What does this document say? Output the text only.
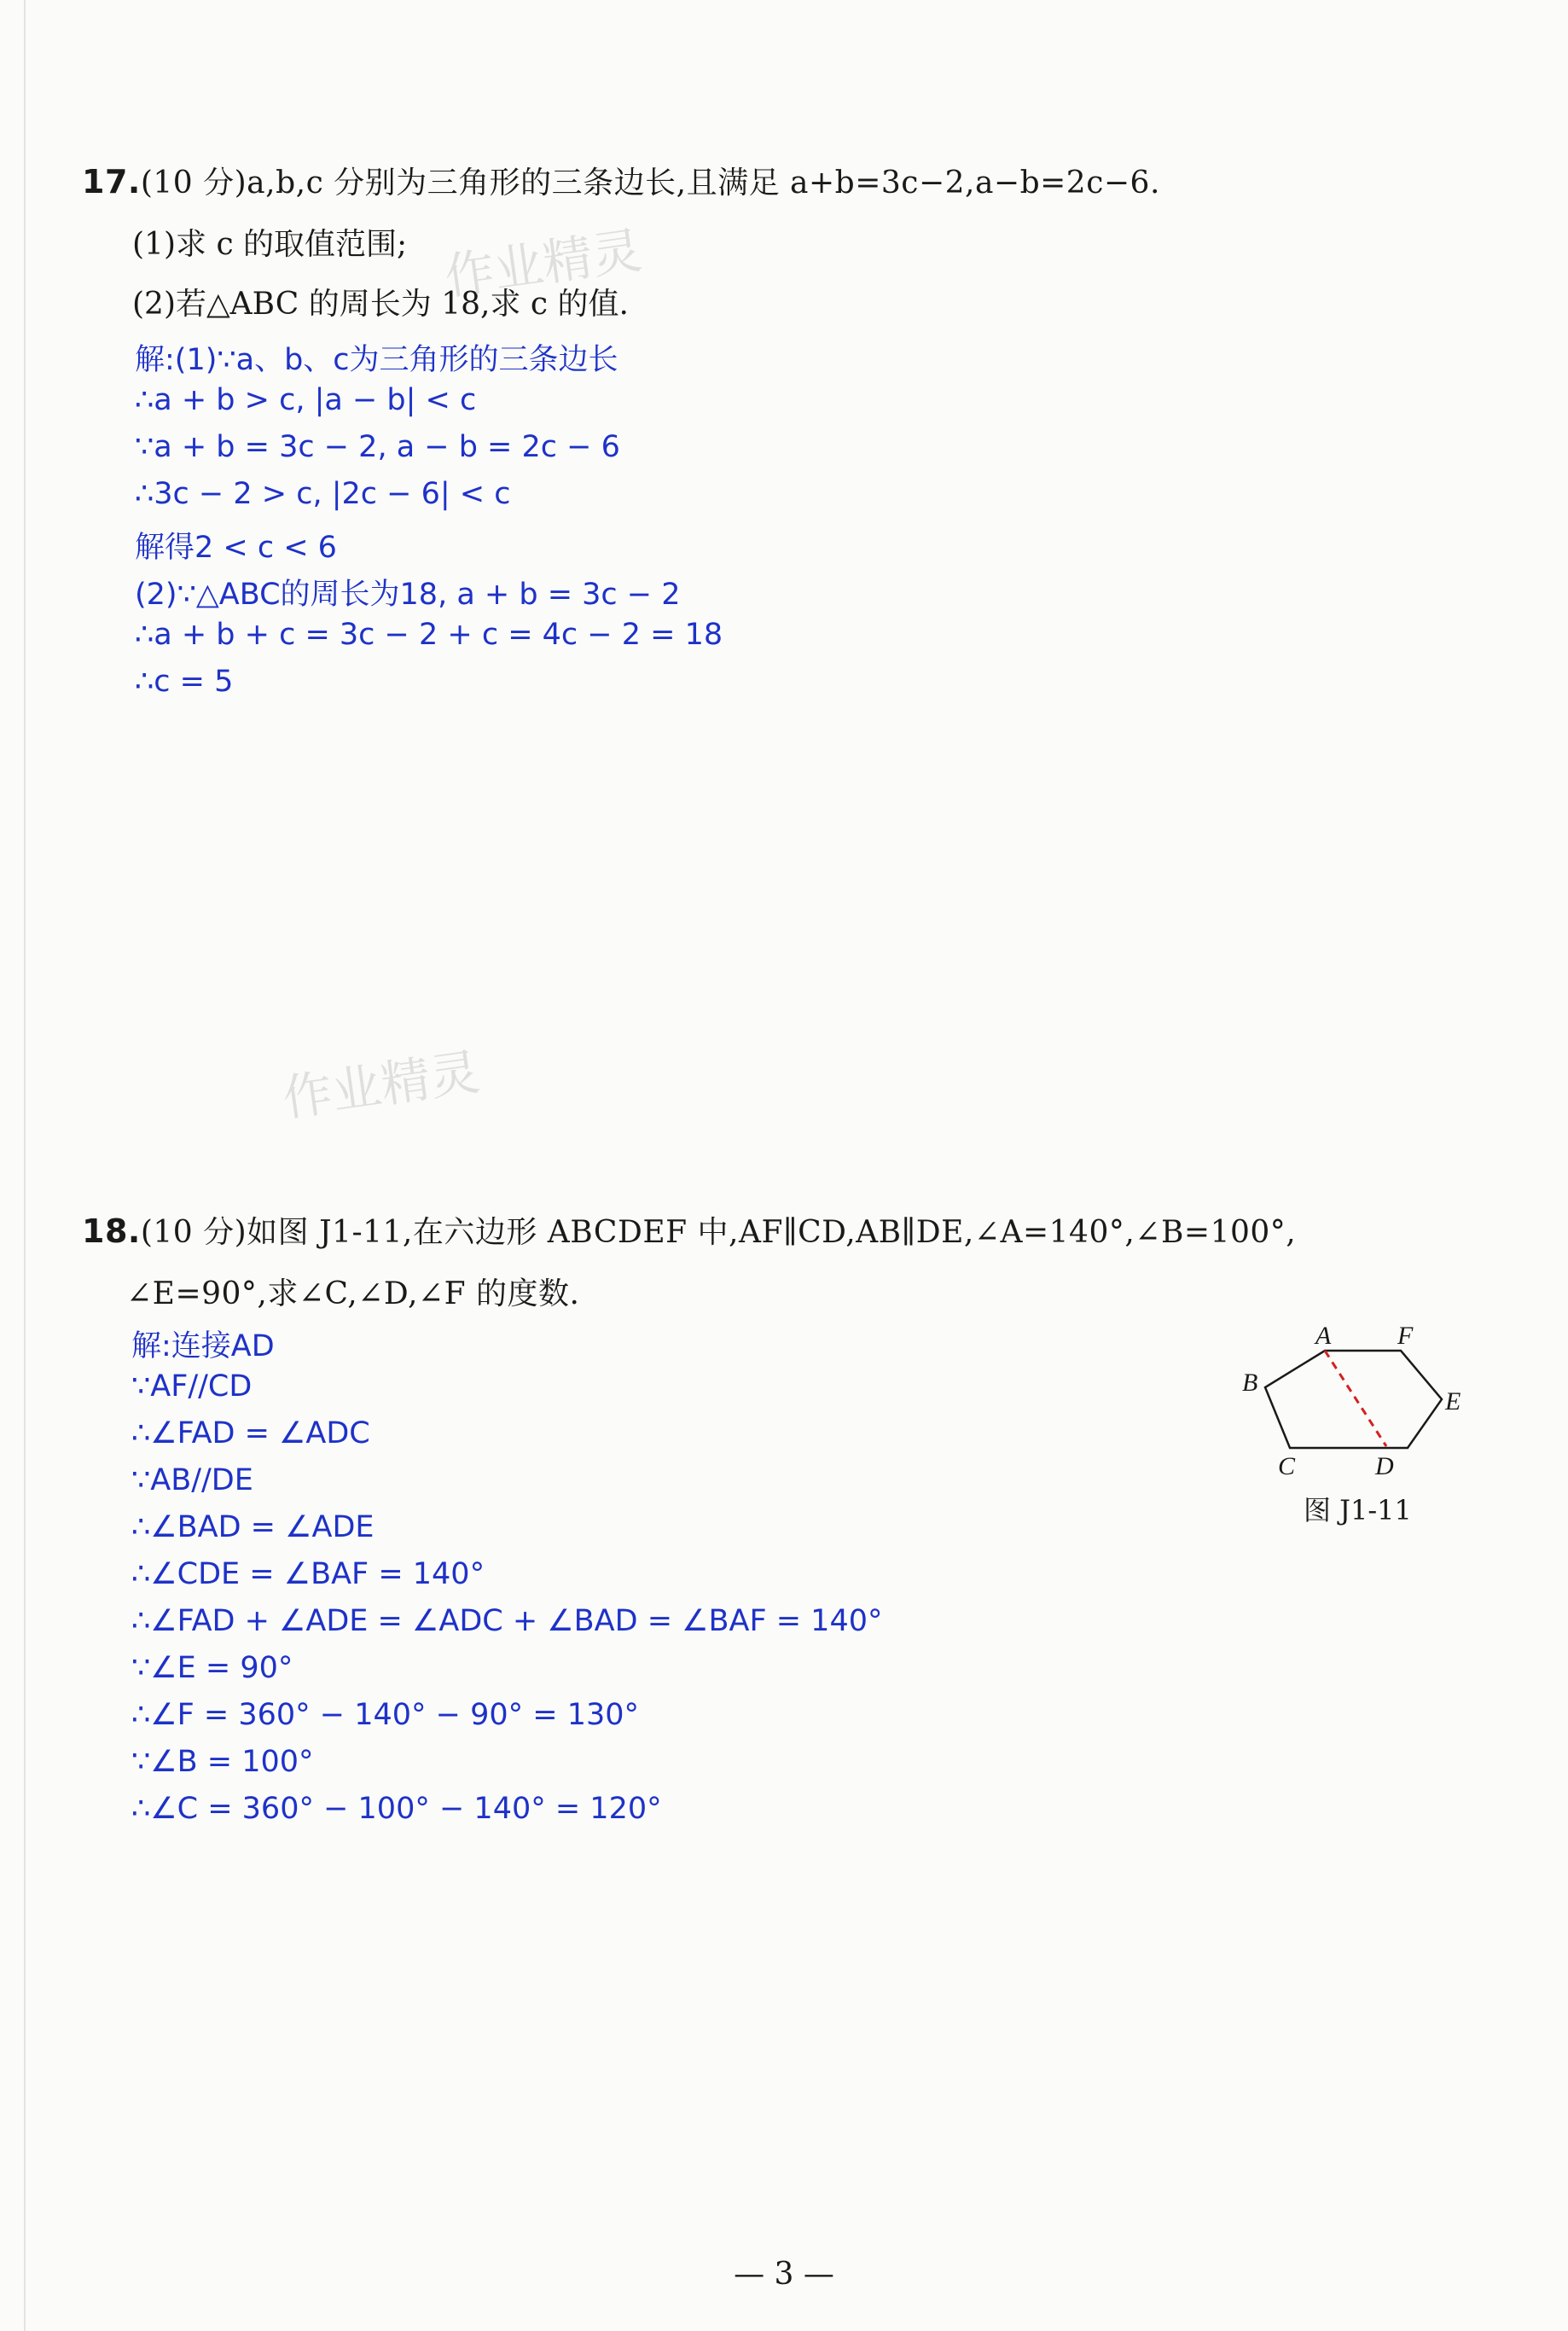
17.(10 分)a,b,c 分别为三角形的三条边长,且满足 a+b=3c−2,a−b=2c−6.
(1)求 c 的取值范围;
(2)若△ABC 的周长为 18,求 c 的值.
解:(1)∵a、b、c为三角形的三条边长
∴a + b > c, |a − b| < c
∵a + b = 3c − 2, a − b = 2c − 6
∴3c − 2 > c, |2c − 6| < c
解得2 < c < 6
(2)∵△ABC的周长为18, a + b = 3c − 2
∴a + b + c = 3c − 2 + c = 4c − 2 = 18
∴c = 5
作业精灵
作业精灵
18.(10 分)如图 J1-11,在六边形 ABCDEF 中,AF∥CD,AB∥DE,∠A=140°,∠B=100°,
∠E=90°,求∠C,∠D,∠F 的度数.
解:连接AD
∵AF//CD
∴∠FAD = ∠ADC
∵AB//DE
∴∠BAD = ∠ADE
∴∠CDE = ∠BAF = 140°
∴∠FAD + ∠ADE = ∠ADC + ∠BAD = ∠BAF = 140°
∵∠E = 90°
∴∠F = 360° − 140° − 90° = 130°
∵∠B = 100°
∴∠C = 360° − 100° − 140° = 120°
A	F
B
E
C	D
图 J1-11
— 3 —
